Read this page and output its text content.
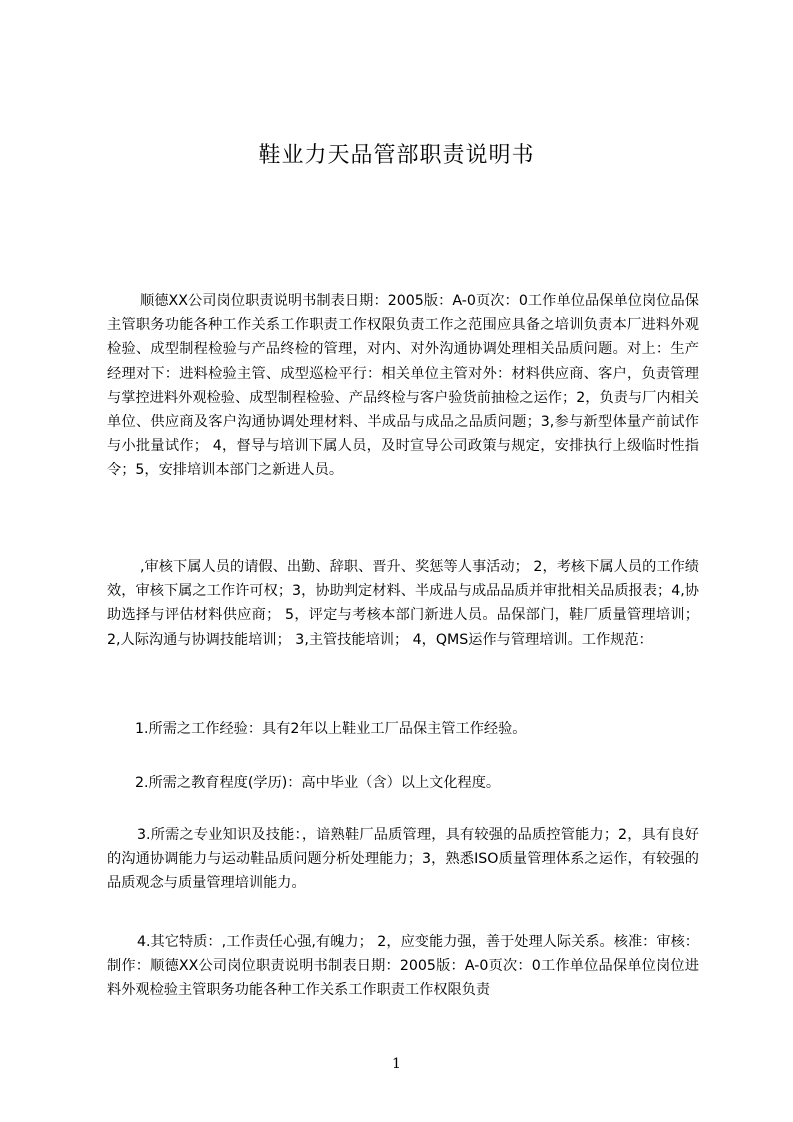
鞋业力天品管部职责说明书

顺德XX公司岗位职责说明书制表日期：2005版：A-0页次：0工作单位品保单位岗位品保主管职务功能各种工作关系工作职责工作权限负责工作之范围应具备之培训负责本厂进料外观检验、成型制程检验与产品终检的管理，对内、对外沟通协调处理相关品质问题。对上：生产经理对下：进料检验主管、成型巡检平行：相关单位主管对外：材料供应商、客户，负责管理与掌控进料外观检验、成型制程检验、产品终检与客户验货前抽检之运作；2，负责与厂内相关单位、供应商及客户沟通协调处理材料、半成品与成品之品质问题；3,参与新型体量产前试作与小批量试作； 4，督导与培训下属人员，及时宣导公司政策与规定，安排执行上级临时性指令；5，安排培训本部门之新进人员。

,审核下属人员的请假、出勤、辞职、晋升、奖惩等人事活动； 2，考核下属人员的工作绩效，审核下属之工作许可权；3，协助判定材料、半成品与成品品质并审批相关品质报表；4,协助选择与评估材料供应商； 5，评定与考核本部门新进人员。品保部门，鞋厂质量管理培训；2,人际沟通与协调技能培训； 3,主管技能培训； 4，QMS运作与管理培训。工作规范：

1.所需之工作经验：具有2年以上鞋业工厂品保主管工作经验。

2.所需之教育程度(学历)：高中毕业（含）以上文化程度。

3.所需之专业知识及技能：，谙熟鞋厂品质管理，具有较强的品质控管能力；2，具有良好的沟通协调能力与运动鞋品质问题分析处理能力；3，熟悉ISO质量管理体系之运作，有较强的品质观念与质量管理培训能力。

4.其它特质：,工作责任心强,有魄力； 2，应变能力强，善于处理人际关系。核准：审核：制作：顺德XX公司岗位职责说明书制表日期：2005版：A-0页次：0工作单位品保单位岗位进料外观检验主管职务功能各种工作关系工作职责工作权限负责

1
